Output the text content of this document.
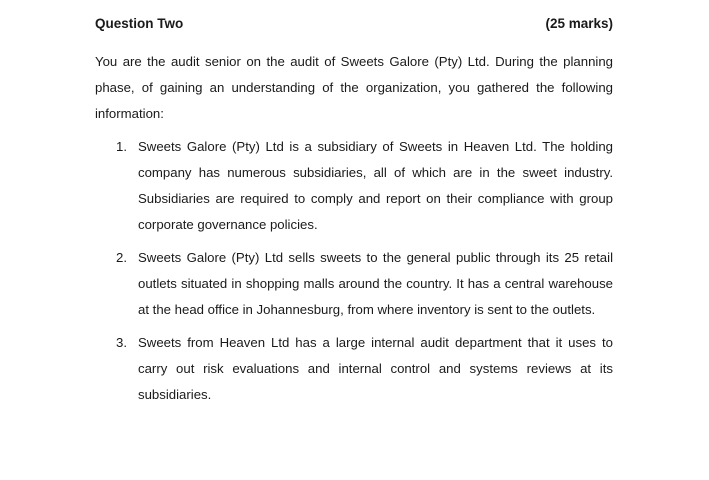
Question Two	(25 marks)

You are the audit senior on the audit of Sweets Galore (Pty) Ltd. During the planning phase, of gaining an understanding of the organization, you gathered the following information:

1. Sweets Galore (Pty) Ltd is a subsidiary of Sweets in Heaven Ltd. The holding company has numerous subsidiaries, all of which are in the sweet industry. Subsidiaries are required to comply and report on their compliance with group corporate governance policies.
2. Sweets Galore (Pty) Ltd sells sweets to the general public through its 25 retail outlets situated in shopping malls around the country. It has a central warehouse at the head office in Johannesburg, from where inventory is sent to the outlets.
3. Sweets from Heaven Ltd has a large internal audit department that it uses to carry out risk evaluations and internal control and systems reviews at its subsidiaries.
